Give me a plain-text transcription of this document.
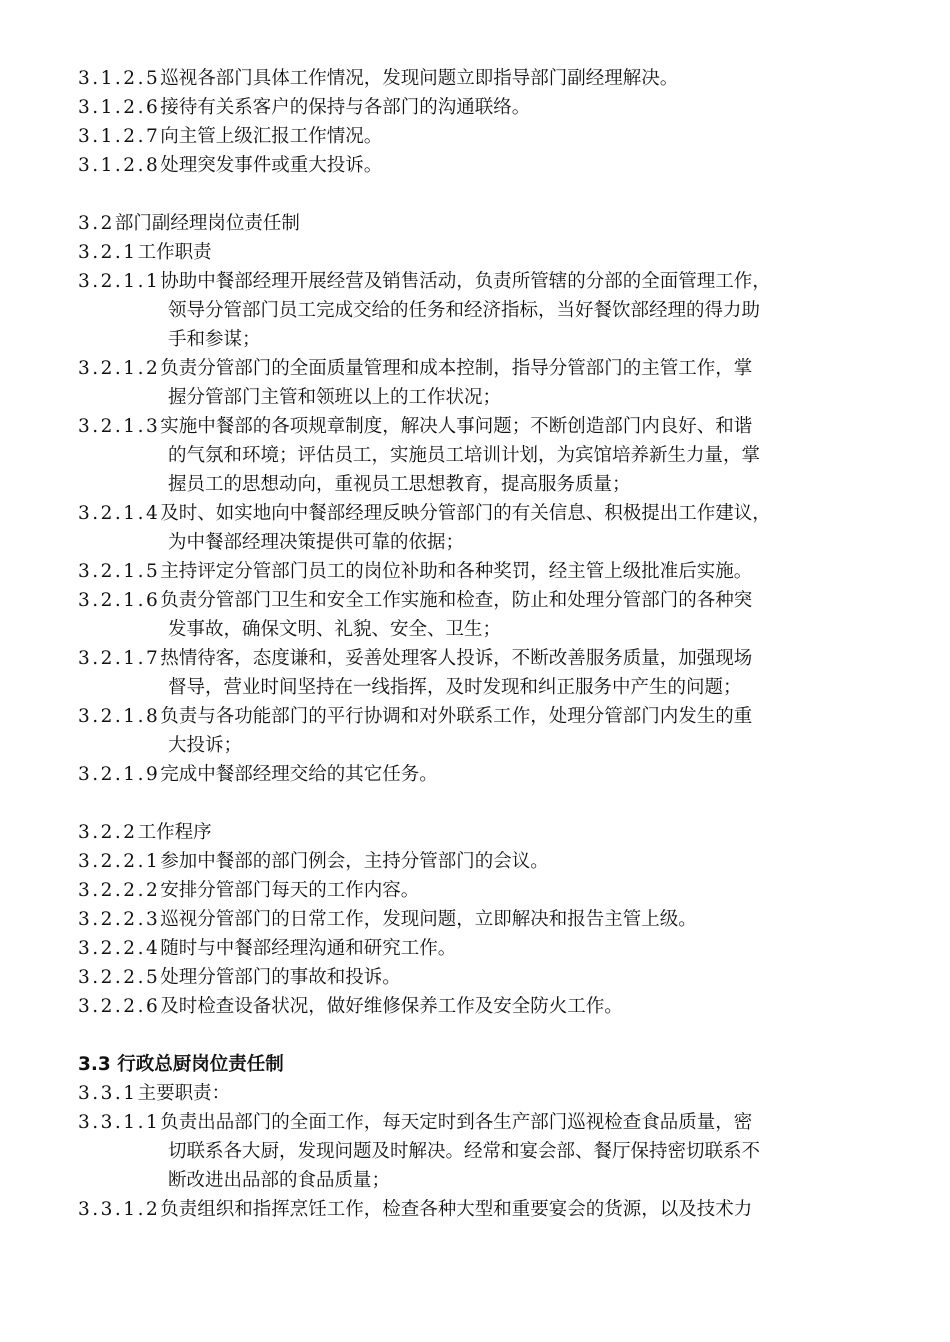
3.1.2.5巡视各部门具体工作情况，发现问题立即指导部门副经理解决。
3.1.2.6接待有关系客户的保持与各部门的沟通联络。
3.1.2.7向主管上级汇报工作情况。
3.1.2.8处理突发事件或重大投诉。
3.2部门副经理岗位责任制
3.2.1工作职责
3.2.1.1协助中餐部经理开展经营及销售活动，负责所管辖的分部的全面管理工作，
领导分管部门员工完成交给的任务和经济指标，当好餐饮部经理的得力助
手和参谋；
3.2.1.2负责分管部门的全面质量管理和成本控制，指导分管部门的主管工作，掌
握分管部门主管和领班以上的工作状况；
3.2.1.3实施中餐部的各项规章制度，解决人事问题；不断创造部门内良好、和谐
的气氛和环境；评估员工，实施员工培训计划，为宾馆培养新生力量，掌
握员工的思想动向，重视员工思想教育，提高服务质量；
3.2.1.4及时、如实地向中餐部经理反映分管部门的有关信息、积极提出工作建议，
为中餐部经理决策提供可靠的依据；
3.2.1.5主持评定分管部门员工的岗位补助和各种奖罚，经主管上级批准后实施。
3.2.1.6负责分管部门卫生和安全工作实施和检查，防止和处理分管部门的各种突
发事故，确保文明、礼貌、安全、卫生；
3.2.1.7热情待客，态度谦和，妥善处理客人投诉，不断改善服务质量，加强现场
督导，营业时间坚持在一线指挥，及时发现和纠正服务中产生的问题；
3.2.1.8负责与各功能部门的平行协调和对外联系工作，处理分管部门内发生的重
大投诉；
3.2.1.9完成中餐部经理交给的其它任务。
3.2.2工作程序
3.2.2.1参加中餐部的部门例会，主持分管部门的会议。
3.2.2.2安排分管部门每天的工作内容。
3.2.2.3巡视分管部门的日常工作，发现问题，立即解决和报告主管上级。
3.2.2.4随时与中餐部经理沟通和研究工作。
3.2.2.5处理分管部门的事故和投诉。
3.2.2.6及时检查设备状况，做好维修保养工作及安全防火工作。
3.3 行政总厨岗位责任制
3.3.1主要职责：
3.3.1.1负责出品部门的全面工作，每天定时到各生产部门巡视检查食品质量，密
切联系各大厨，发现问题及时解决。经常和宴会部、餐厅保持密切联系不
断改进出品部的食品质量；
3.3.1.2负责组织和指挥烹饪工作，检查各种大型和重要宴会的货源，以及技术力
